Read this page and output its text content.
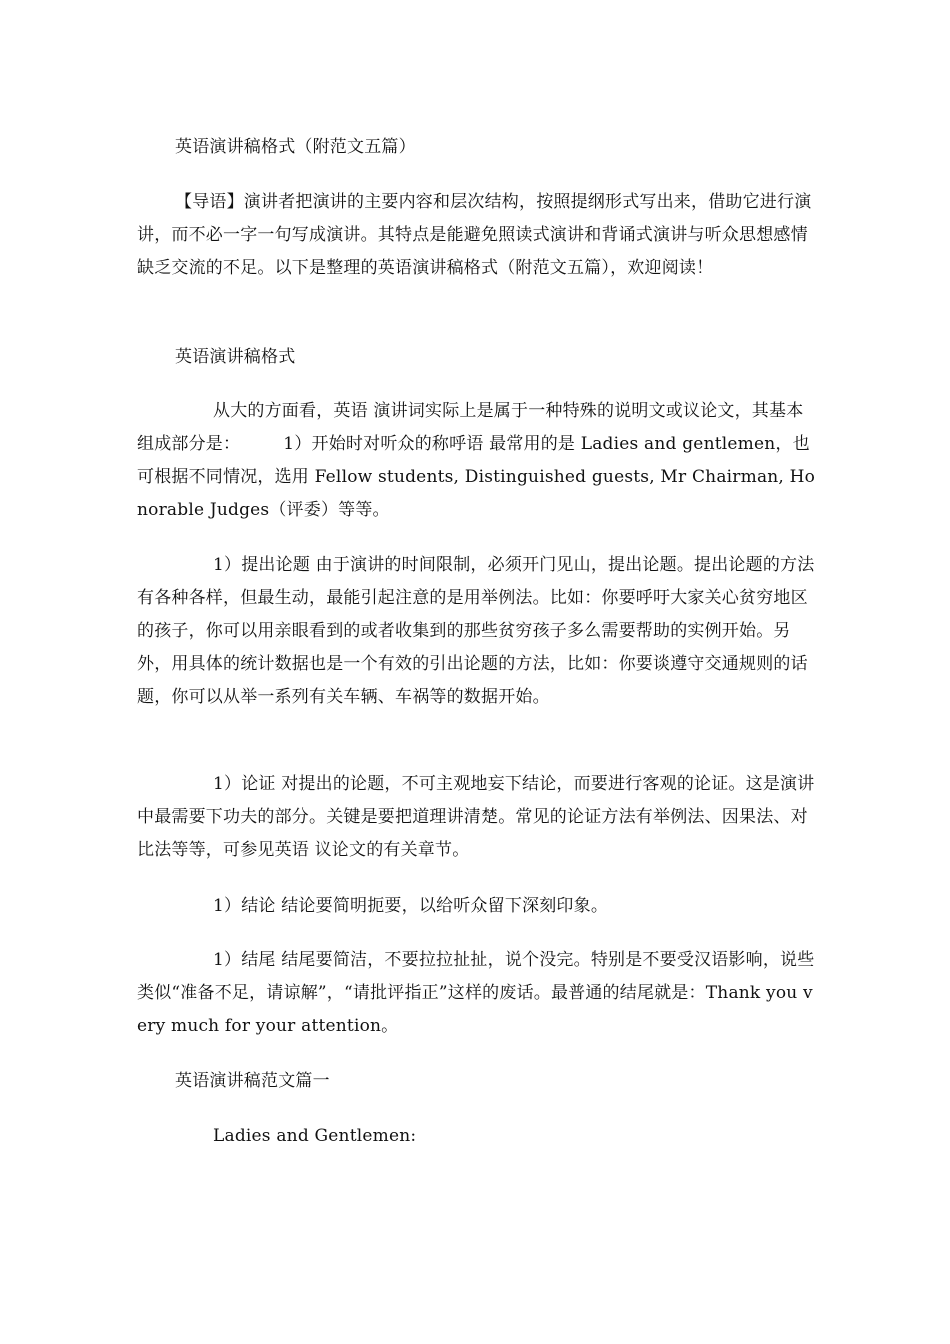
英语演讲稿格式（附范文五篇）

【导语】演讲者把演讲的主要内容和层次结构，按照提纲形式写出来，借助它进行演讲，而不必一字一句写成演讲。其特点是能避免照读式演讲和背诵式演讲与听众思想感情缺乏交流的不足。以下是整理的英语演讲稿格式（附范文五篇），欢迎阅读！

英语演讲稿格式

从大的方面看，英语 演讲词实际上是属于一种特殊的说明文或议论文，其基本组成部分是：　　　1）开始时对听众的称呼语 最常用的是 Ladies and gentlemen，也可根据不同情况，选用 Fellow students, Distinguished guests, Mr Chairman, Honorable Judges（评委）等等。

1）提出论题 由于演讲的时间限制，必须开门见山，提出论题。提出论题的方法有各种各样，但最生动，最能引起注意的是用举例法。比如：你要呼吁大家关心贫穷地区的孩子，你可以用亲眼看到的或者收集到的那些贫穷孩子多么需要帮助的实例开始。另外，用具体的统计数据也是一个有效的引出论题的方法，比如：你要谈遵守交通规则的话题，你可以从举一系列有关车辆、车祸等的数据开始。

1）论证 对提出的论题，不可主观地妄下结论，而要进行客观的论证。这是演讲中最需要下功夫的部分。关键是要把道理讲清楚。常见的论证方法有举例法、因果法、对比法等等，可参见英语 议论文的有关章节。

1）结论 结论要简明扼要，以给听众留下深刻印象。

1）结尾 结尾要简洁，不要拉拉扯扯，说个没完。特别是不要受汉语影响，说些类似“准备不足，请谅解”，“请批评指正”这样的废话。最普通的结尾就是：Thank you very much for your attention。

英语演讲稿范文篇一

Ladies and Gentlemen:
